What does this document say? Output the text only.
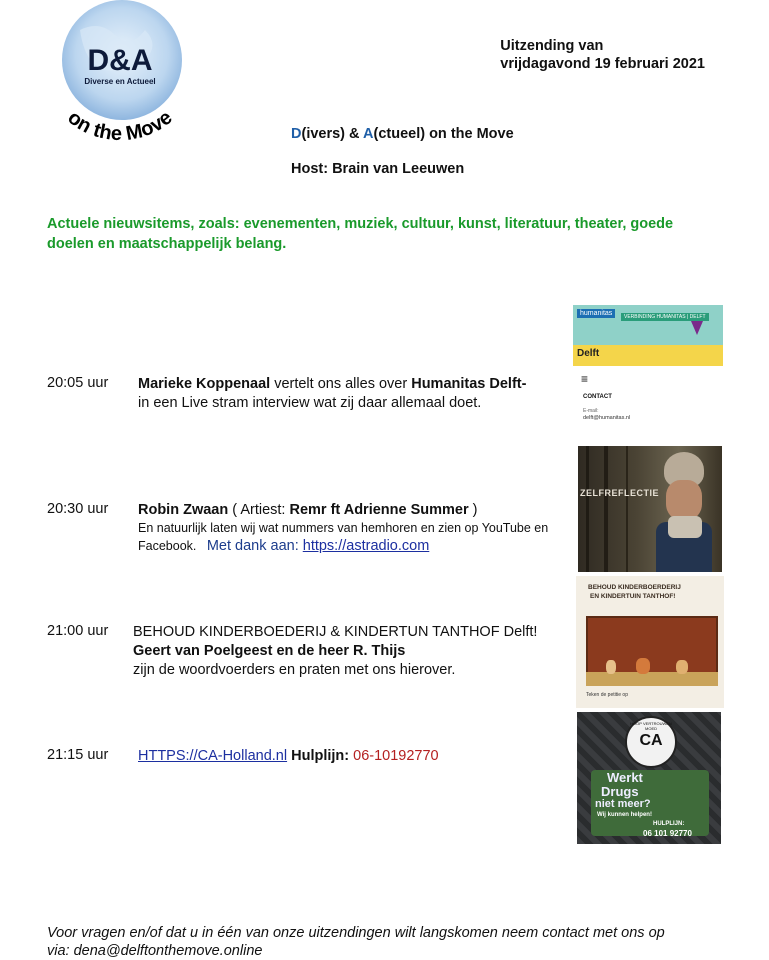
D&A
Diverse en Actueel
on the Move
Uitzending van
vrijdagavond 19 februari 2021
D(ivers) & A(ctueel) on the Move
Host: Brain van Leeuwen
Actuele nieuwsitems, zoals: evenementen, muziek, cultuur, kunst, literatuur, theater, goede doelen en maatschappelijk belang.
20:05 uur Marieke Koppenaal vertelt ons alles over Humanitas Delft-
in een Live stram interview wat zij daar allemaal doet.
20:30 uur Robin Zwaan ( Artiest: Remr ft Adrienne Summer )
En natuurlijk laten wij wat nummers van hemhoren en zien op YouTube en
Facebook. Met dank aan: https://astradio.com
21:00 uur BEHOUD KINDERBOEDERIJ & KINDERTUN TANTHOF Delft!
Geert van Poelgeest en de heer R. Thijs
zijn de woordvoerders en praten met ons hierover.
21:15 uur HTTPS://CA-Holland.nl Hulplijn: 06-10192770
humanitas	VERBINDING HUMANITAS | DELFT
Delft
≡
CONTACT
E-mail:
delft@humanitas.nl
ZELFREFLECTIE
BEHOUD KINDERBOERDERIJ
EN KINDERTUIN TANTHOF!
Teken de petitie op
CA
HOOP VERTROUWEN MOED
Werkt
Drugs
niet meer?
Wij kunnen helpen!
HULPLIJN:
06 101 92770
Voor vragen en/of dat u in één van onze uitzendingen wilt langskomen neem contact met ons op
via: dena@delftonthemove.online
